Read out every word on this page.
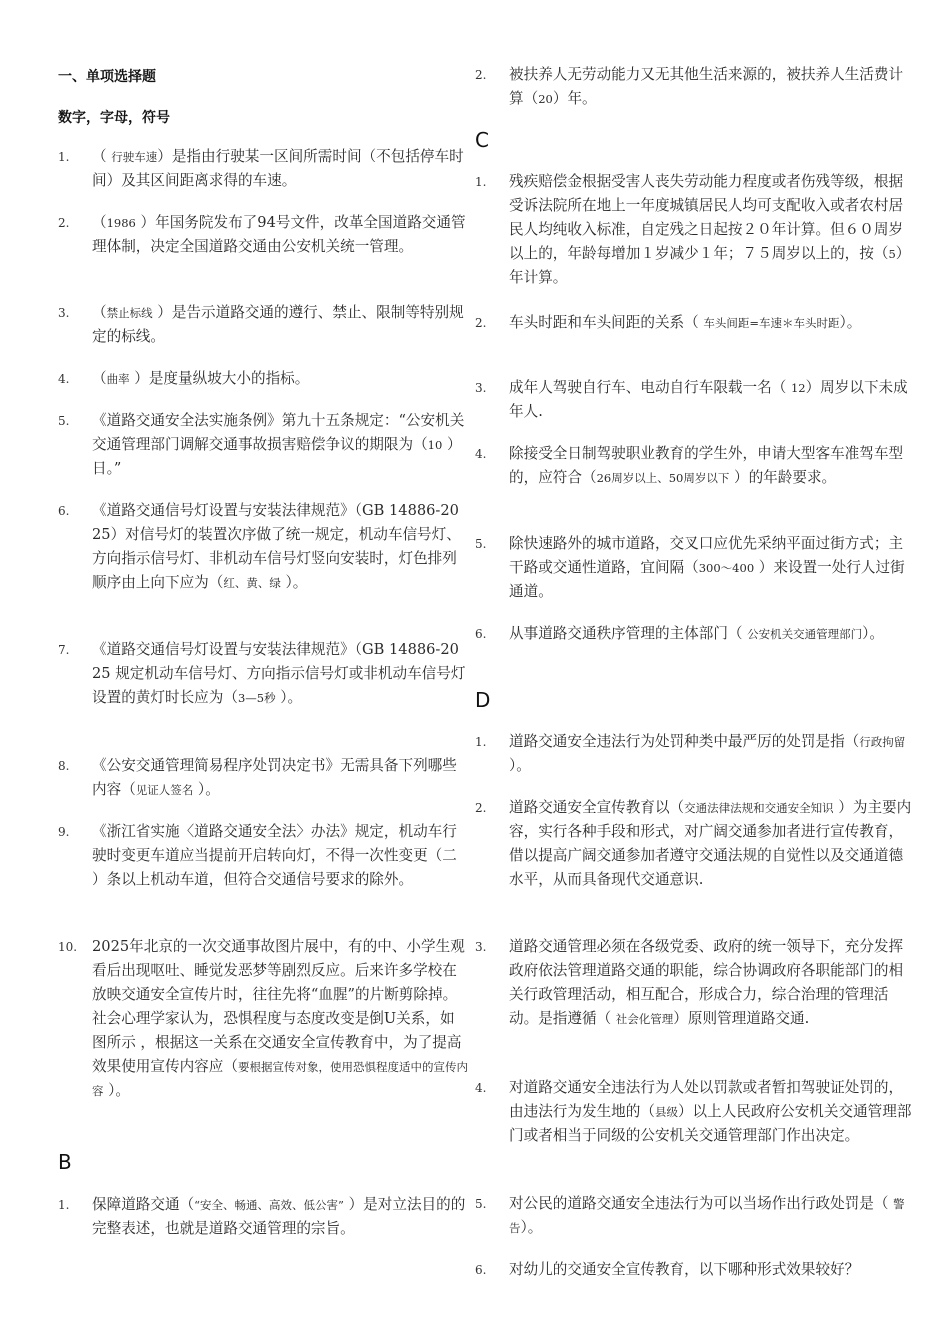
一、单项选择题
数字，字母，符号
1.	（ 行驶车速）是指由行驶某一区间所需时间（不包括停车时间）及其区间距离求得的车速。
2.	（1986 ）年国务院发布了94号文件，改革全国道路交通管理体制，决定全国道路交通由公安机关统一管理。
3.	（禁止标线 ）是告示道路交通的遵行、禁止、限制等特别规定的标线。
4.	（曲率 ）是度量纵坡大小的指标。
5.	《道路交通安全法实施条例》第九十五条规定：“公安机关交通管理部门调解交通事故损害赔偿争议的期限为（10 ）日。”
6.	《道路交通信号灯设置与安装法律规范》（GB 14886-2025）对信号灯的装置次序做了统一规定，机动车信号灯、方向指示信号灯、非机动车信号灯竖向安装时，灯色排列顺序由上向下应为（红、黄、绿 ）。
7.	《道路交通信号灯设置与安装法律规范》（GB 14886-2025 规定机动车信号灯、方向指示信号灯或非机动车信号灯设置的黄灯时长应为（3—5秒 ）。
8.	《公安交通管理简易程序处罚决定书》无需具备下列哪些内容（见证人签名 ）。
9.	《浙江省实施〈道路交通安全法〉办法》规定，机动车行驶时变更车道应当提前开启转向灯，不得一次性变更（二 ）条以上机动车道，但符合交通信号要求的除外。
10.	2025年北京的一次交通事故图片展中，有的中、小学生观看后出现呕吐、睡觉发恶梦等剧烈反应。后来许多学校在放映交通安全宣传片时，往往先将“血腥”的片断剪除掉。社会心理学家认为，恐惧程度与态度改变是倒U关系，如图所示 ，根据这一关系在交通安全宣传教育中，为了提高效果使用宣传内容应（要根据宣传对象，使用恐惧程度适中的宣传内容 ）。
B
1.	保障道路交通（“安全、畅通、高效、低公害” ）是对立法目的的完整表述，也就是道路交通管理的宗旨。
2.	被扶养人无劳动能力又无其他生活来源的，被扶养人生活费计算（20）年。
C
1.	残疾赔偿金根据受害人丧失劳动能力程度或者伤残等级，根据受诉法院所在地上一年度城镇居民人均可支配收入或者农村居民人均纯收入标准，自定残之日起按２０年计算。但６０周岁以上的，年龄每增加１岁减少１年；７５周岁以上的，按（5）年计算。
2.	车头时距和车头间距的关系（ 车头间距=车速＊车头时距）。
3.	成年人驾驶自行车、电动自行车限载一名（ 12）周岁以下未成年人.
4.	除接受全日制驾驶职业教育的学生外，申请大型客车准驾车型的，应符合（26周岁以上、50周岁以下 ）的年龄要求。
5.	除快速路外的城市道路，交叉口应优先采纳平面过街方式；主干路或交通性道路，宜间隔（300～400 ）来设置一处行人过街通道。
6.	从事道路交通秩序管理的主体部门（ 公安机关交通管理部门）。
D
1.	道路交通安全违法行为处罚种类中最严厉的处罚是指（行政拘留 ）。
2.	道路交通安全宣传教育以（交通法律法规和交通安全知识 ）为主要内容，实行各种手段和形式，对广阔交通参加者进行宣传教育，借以提高广阔交通参加者遵守交通法规的自觉性以及交通道德水平，从而具备现代交通意识.
3.	道路交通管理必须在各级党委、政府的统一领导下，充分发挥政府依法管理道路交通的职能，综合协调政府各职能部门的相关行政管理活动，相互配合，形成合力，综合治理的管理活动。是指遵循（ 社会化管理）原则管理道路交通.
4.	对道路交通安全违法行为人处以罚款或者暂扣驾驶证处罚的，由违法行为发生地的（县级）以上人民政府公安机关交通管理部门或者相当于同级的公安机关交通管理部门作出决定。
5.	对公民的道路交通安全违法行为可以当场作出行政处罚是（ 警告）。
6.	对幼儿的交通安全宣传教育，以下哪种形式效果较好？
